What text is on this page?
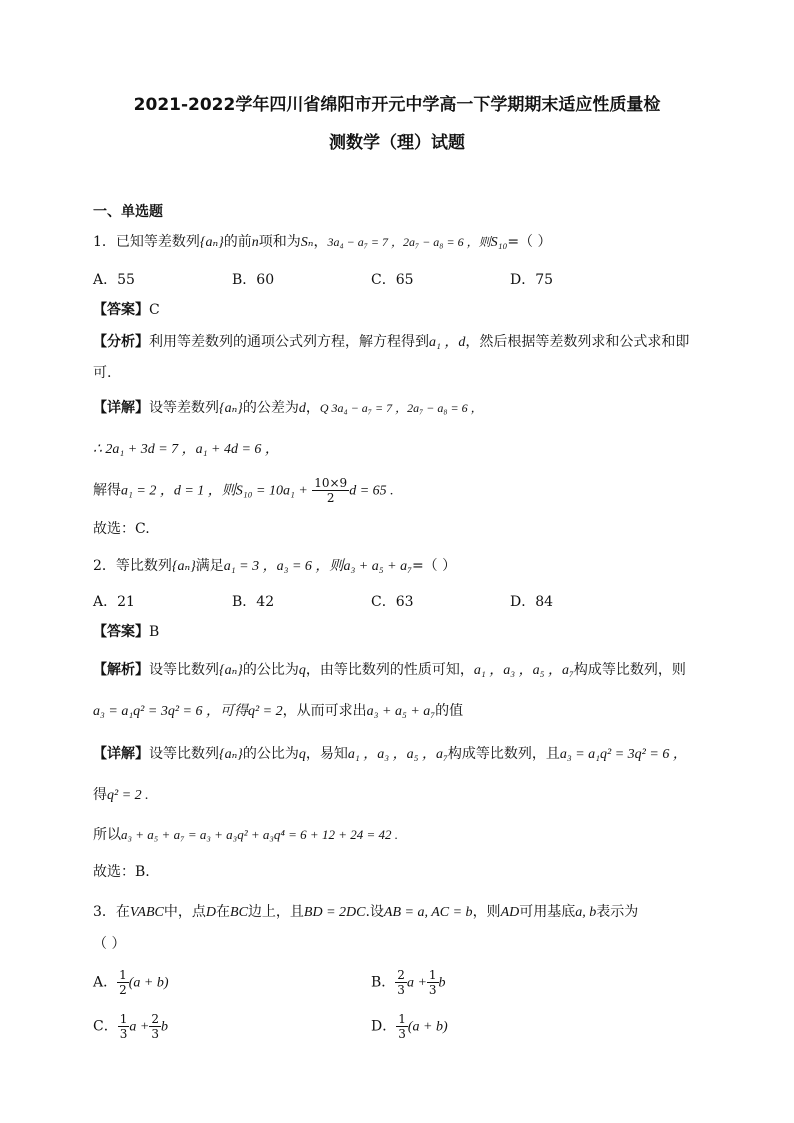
2021-2022学年四川省绵阳市开元中学高一下学期期末适应性质量检
测数学（理）试题
一、单选题
1．已知等差数列{aₙ}的前n项和为Sₙ，3a₄ − a₇ = 7 ，2a₇ − a₈ = 6 ，则S₁₀=（ ）
A．55	B．60	C．65	D．75
【答案】C
【分析】利用等差数列的通项公式列方程，解方程得到a₁ ，d，然后根据等差数列求和公式求和即
可.
【详解】设等差数列{aₙ}的公差为d，Q 3a₄ − a₇ = 7 ，2a₇ − a₈ = 6 ，
∴ 2a₁ + 3d = 7 ，a₁ + 4d = 6 ，
解得a₁ = 2 ，d = 1 ，则$S_{10} = 10a_1 + \frac{10\times 9}{2}$ d = 65 .
故选：C.
2．等比数列{aₙ}满足a₁ = 3 ，a₃ = 6 ，则a₃ + a₅ + a₇=（ ）
A．21	B．42	C．63	D．84
【答案】B
【解析】设等比数列{aₙ}的公比为q，由等比数列的性质可知，a₁ ，a₃ ，a₅ ，a₇构成等比数列，则
a₃ = a₁q² = 3q² = 6 ，可得q² = 2，从而可求出a₃ + a₅ + a₇的值
【详解】设等比数列{aₙ}的公比为q，易知a₁ ，a₃ ，a₅ ，a₇构成等比数列，且a₃ = a₁q² = 3q² = 6 ，
得q² = 2 .
所以a₃ + a₅ + a₇ = a₃ + a₃q² + a₃q⁴ = 6 + 12 + 24 = 42 .
故选：B.
3．在VABC中，点D在BC边上，且BD = 2DC.设AB = a, AC = b，则AD可用基底a, b表示为
（ ）
A． $\frac{1}{2} (a + b)$	B． $\frac{2}{3}$ $a + \frac{1}{3}$ b
C． $\frac{1}{3}$ $a + \frac{2}{3}$ b	D． $\frac{1}{3} (a + b)$
